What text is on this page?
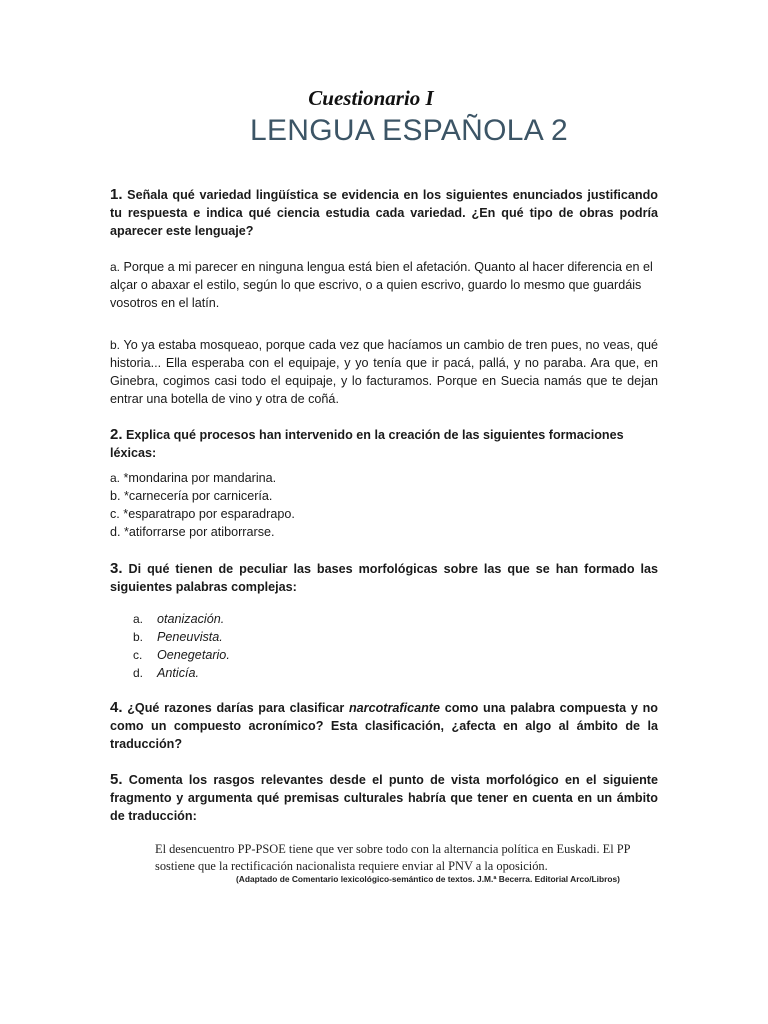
Cuestionario I
LENGUA ESPAÑOLA 2
1. Señala qué variedad lingüística se evidencia en los siguientes enunciados justificando tu respuesta e indica qué ciencia estudia cada variedad. ¿En qué tipo de obras podría aparecer este lenguaje?
a. Porque a mi parecer en ninguna lengua está bien el afetación. Quanto al hacer diferencia en el alçar o abaxar el estilo, según lo que escrivo, o a quien escrivo, guardo lo mesmo que guardáis vosotros en el latín.
b. Yo ya estaba mosqueao, porque cada vez que hacíamos un cambio de tren pues, no veas, qué historia... Ella esperaba con el equipaje, y yo tenía que ir pacá, pallá, y no paraba. Ara que, en Ginebra, cogimos casi todo el equipaje, y lo facturamos. Porque en Suecia namás que te dejan entrar una botella de vino y otra de coñá.
2. Explica qué procesos han intervenido en la creación de las siguientes formaciones léxicas:
a. *mondarina por mandarina.
b. *carnecería por carnicería.
c. *esparatrapo por esparadrapo.
d. *atiforrarse por atiborrarse.
3. Di qué tienen de peculiar las bases morfológicas sobre las que se han formado las siguientes palabras complejas:
a.	otanización.
b.	Peneuvista.
c.	Oenegetario.
d.	Anticía.
4. ¿Qué razones darías para clasificar narcotraficante como una palabra compuesta y no como un compuesto acronímico? Esta clasificación, ¿afecta en algo al ámbito de la traducción?
5. Comenta los rasgos relevantes desde el punto de vista morfológico en el siguiente fragmento y argumenta qué premisas culturales habría que tener en cuenta en un ámbito de traducción:
El desencuentro PP-PSOE tiene que ver sobre todo con la alternancia política en Euskadi. El PP sostiene que la rectificación nacionalista requiere enviar al PNV a la oposición.
(Adaptado de Comentario lexicológico-semántico de textos. J.M.ª Becerra. Editorial Arco/Libros)
